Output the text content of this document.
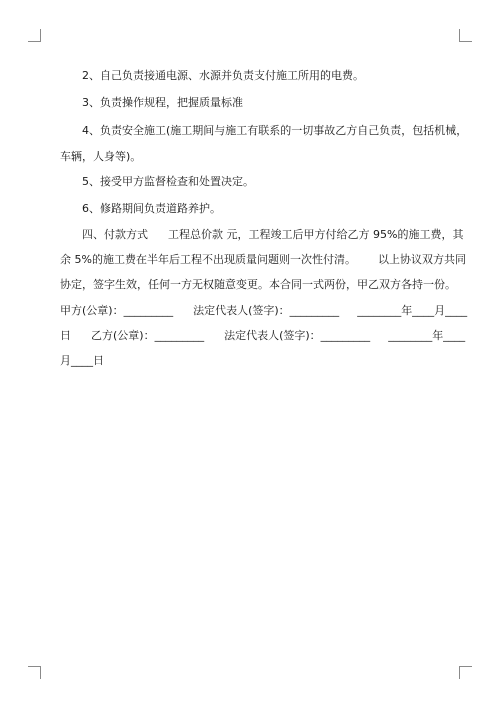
2、自己负责接通电源、水源并负责支付施工所用的电费。
3、负责操作规程，把握质量标准
4、负责安全施工(施工期间与施工有联系的一切事故乙方自己负责，包括机械，
车辆，人身等)。
5、接受甲方监督检查和处置决定。
6、修路期间负责道路养护。
四、付款方式 工程总价款 元，工程竣工后甲方付给乙方 95%的施工费，其
余 5%的施工费在半年后工程不出现质量问题则一次性付清。 以上协议双方共同
协定，签字生效，任何一方无权随意变更。本合同一式两份，甲乙双方各持一份。
甲方(公章)：_________ 法定代表人(签字)：_________ ________年____月____
日 乙方(公章)：_________ 法定代表人(签字)：_________ ________年____
月____日
